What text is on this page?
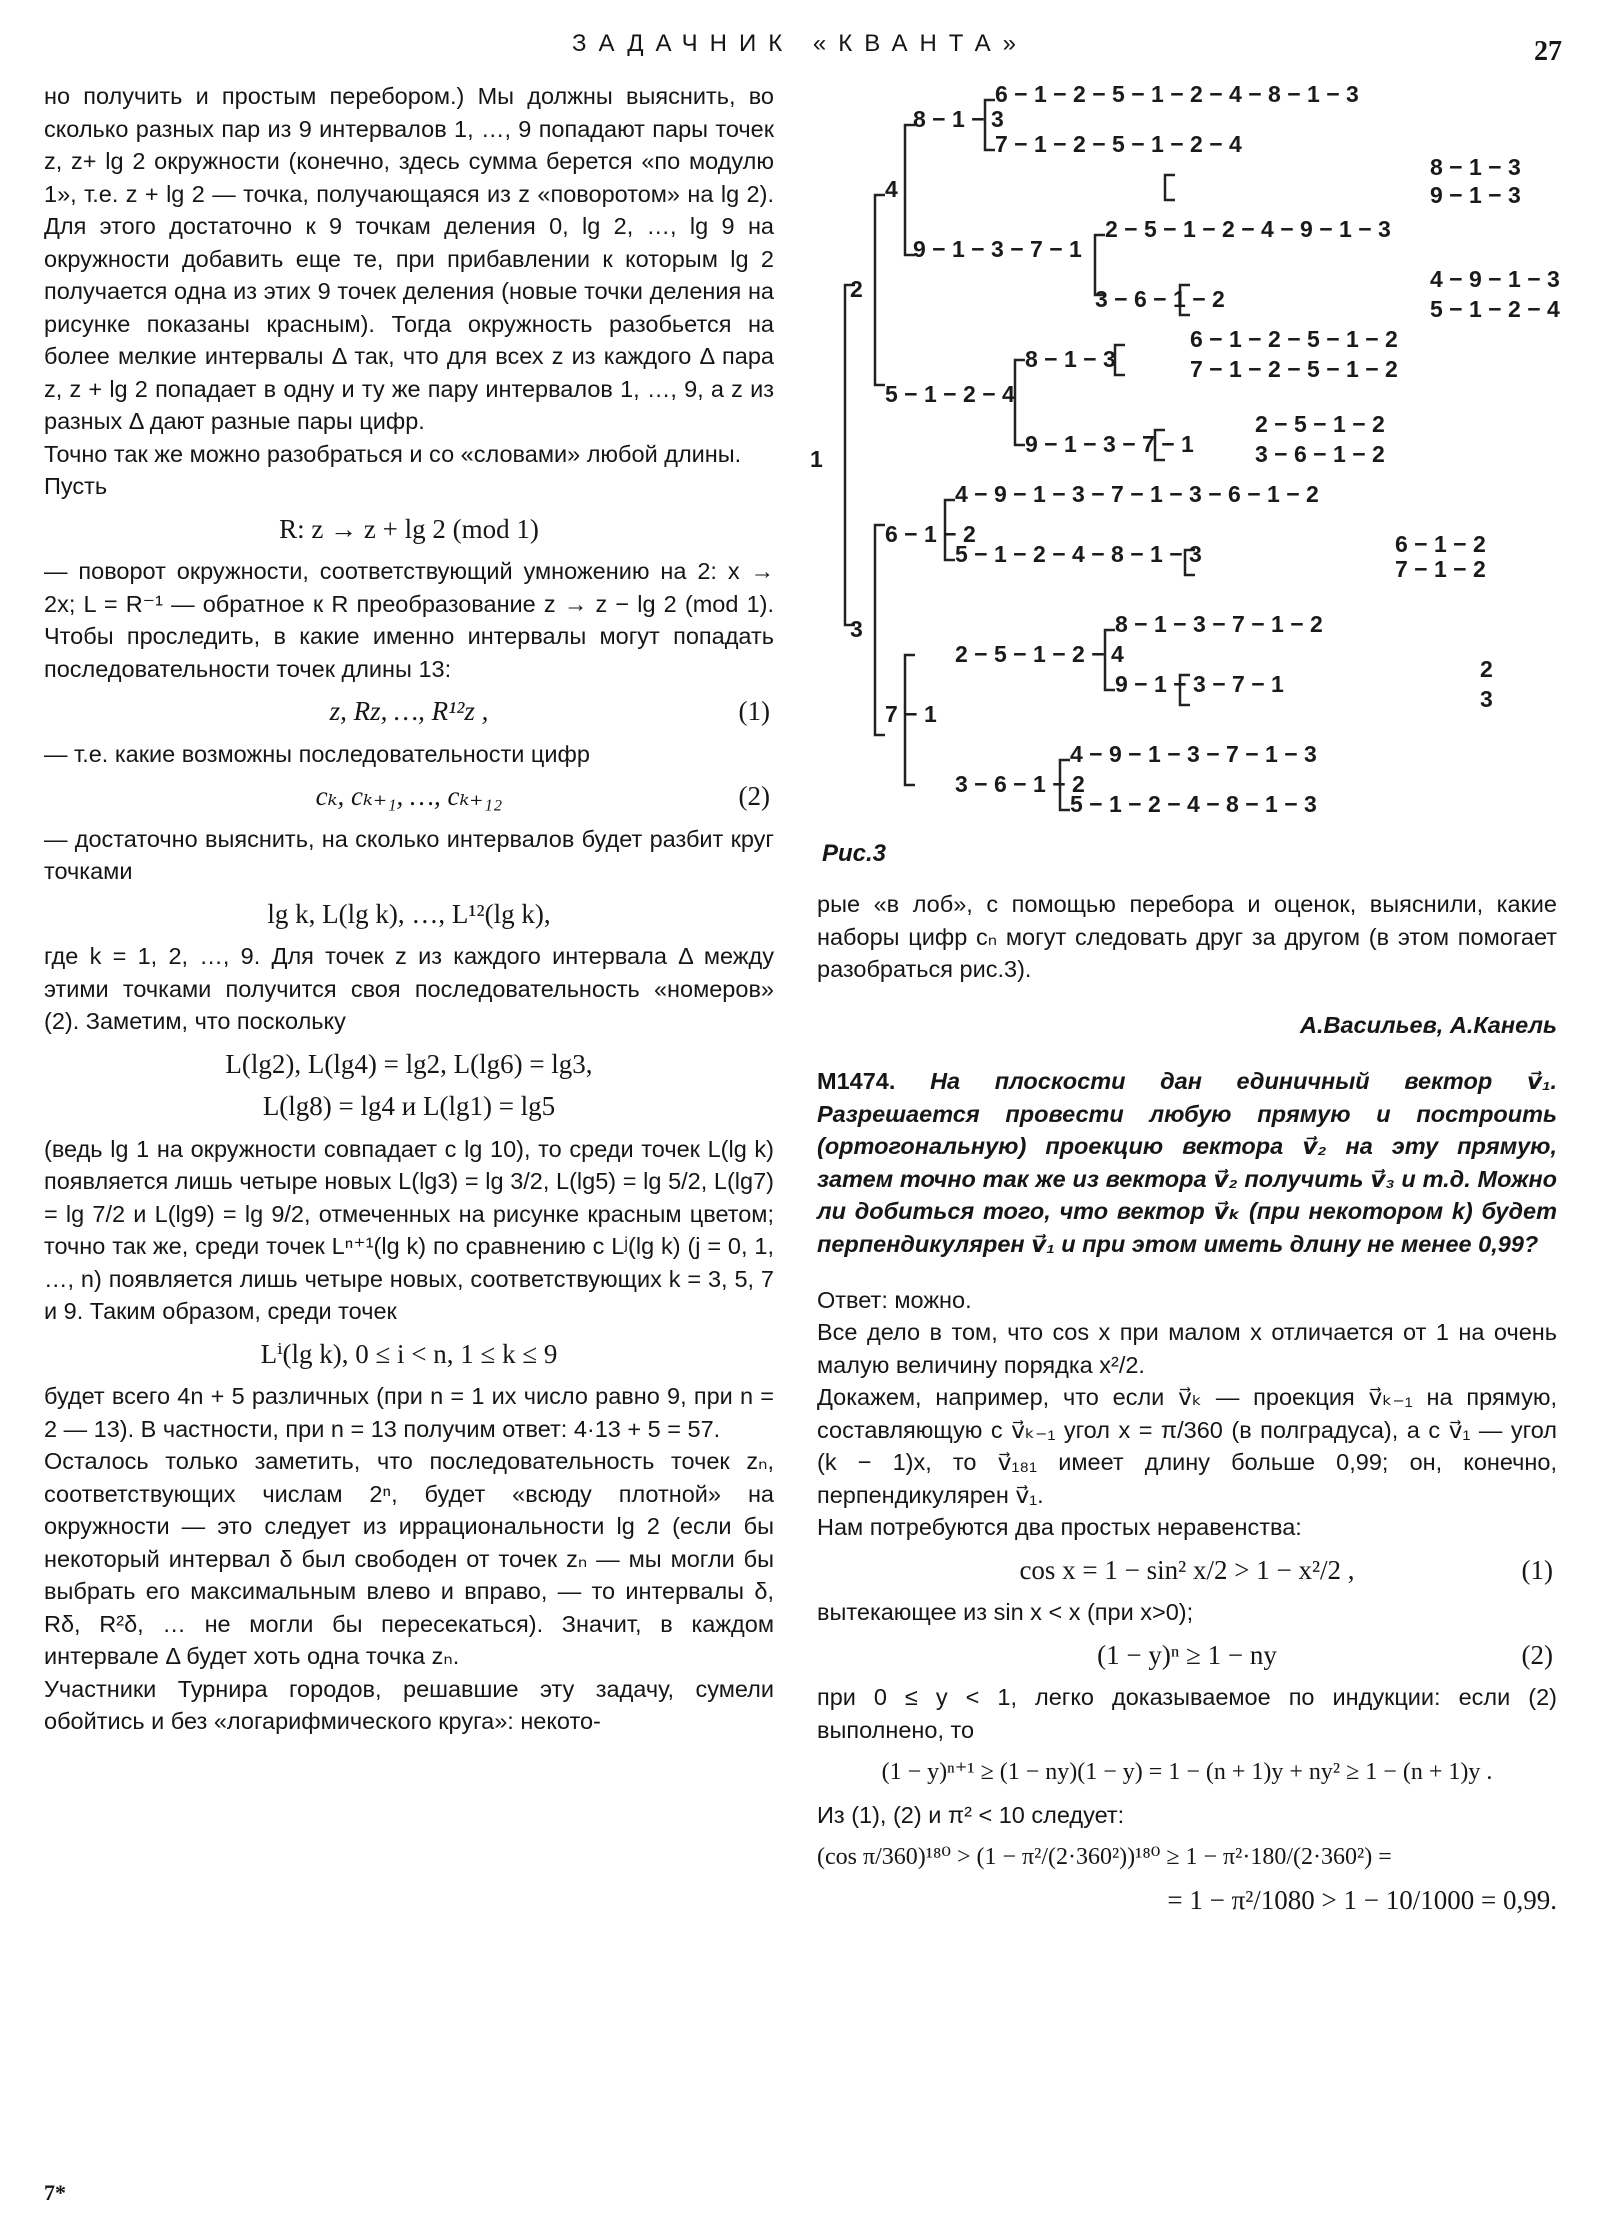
ЗАДАЧНИК «КВАНТА»	27

но получить и простым перебором.) Мы должны выяснить, во сколько разных пар из 9 интервалов 1, …, 9 попадают пары точек z, z+ lg 2 окружности (конечно, здесь сумма берется «по модулю 1», т.е. z + lg 2 — точка, получающаяся из z «поворотом» на lg 2). Для этого достаточно к 9 точкам деления 0, lg 2, …, lg 9 на окружности добавить еще те, при прибавлении к которым lg 2 получается одна из этих 9 точек деления (новые точки деления на рисунке показаны красным). Тогда окружность разобьется на более мелкие интервалы Δ так, что для всех z из каждого Δ пара z, z + lg 2 попадает в одну и ту же пару интервалов 1, …, 9, а z из разных Δ дают разные пары цифр.

Точно так же можно разобраться и со «словами» любой длины.

Пусть

R: z → z + lg 2 (mod 1)

— поворот окружности, соответствующий умножению на 2: x → 2x; L = R⁻¹ — обратное к R преобразование z → z − lg 2 (mod 1). Чтобы проследить, в какие именно интервалы могут попадать последовательности точек длины 13:

z, Rz, …, R¹²z ,	(1)

— т.е. какие возможны последовательности цифр

cₖ, cₖ₊₁, …, cₖ₊₁₂	(2)

— достаточно выяснить, на сколько интервалов будет разбит круг точками

lg k, L(lg k), …, L¹²(lg k),

где k = 1, 2, …, 9. Для точек z из каждого интервала Δ между этими точками получится своя последовательность «номеров» (2). Заметим, что поскольку

L(lg2), L(lg4) = lg2, L(lg6) = lg3,
L(lg8) = lg4 и L(lg1) = lg5

(ведь lg 1 на окружности совпадает с lg 10), то среди точек L(lg k) появляется лишь четыре новых L(lg3) = lg 3/2, L(lg5) = lg 5/2, L(lg7) = lg 7/2 и L(lg9) = lg 9/2, отмеченных на рисунке красным цветом; точно так же, среди точек Lⁿ⁺¹(lg k) по сравнению с Lʲ(lg k) (j = 0, 1, …, n) появляется лишь четыре новых, соответствующих k = 3, 5, 7 и 9. Таким образом, среди точек

Lⁱ(lg k), 0 ≤ i < n, 1 ≤ k ≤ 9

будет всего 4n + 5 различных (при n = 1 их число равно 9, при n = 2 — 13). В частности, при n = 13 получим ответ: 4·13 + 5 = 57.

Осталось только заметить, что последовательность точек zₙ, соответствующих числам 2ⁿ, будет «всюду плотной» на окружности — это следует из иррациональности lg 2 (если бы некоторый интервал δ был свободен от точек zₙ — мы могли бы выбрать его максимальным влево и вправо, — то интервалы δ, Rδ, R²δ, … не могли бы пересекаться). Значит, в каждом интервале Δ будет хоть одна точка zₙ.

Участники Турнира городов, решавшие эту задачу, сумели обойтись и без «логарифмического круга»: некото-

1
2
3
4
8 − 1 − 3
9 − 1 − 3 − 7 − 1
5 − 1 − 2 − 4
8 − 1 − 3
9 − 1 − 3 − 7 − 1
6 − 1 − 2
7 − 1
2 − 5 − 1 − 2 − 4
3 − 6 − 1 − 2
3 − 6 − 1 − 2
7 − 1 − 2 − 5 − 1 − 2 − 4
6 − 1 − 2 − 5 − 1 − 2 − 4 − 8 − 1 − 3
8 − 1 − 3
9 − 1 − 3
2 − 5 − 1 − 2 − 4 − 9 − 1 − 3
4 − 9 − 1 − 3
5 − 1 − 2 − 4
6 − 1 − 2 − 5 − 1 − 2
7 − 1 − 2 − 5 − 1 − 2
2 − 5 − 1 − 2
3 − 6 − 1 − 2
4 − 9 − 1 − 3 − 7 − 1 − 3 − 6 − 1 − 2
5 − 1 − 2 − 4 − 8 − 1 − 3	6 − 1 − 2
7 − 1 − 2
8 − 1 − 3 − 7 − 1 − 2
9 − 1 − 3 − 7 − 1
2
3
4 − 9 − 1 − 3 − 7 − 1 − 3
5 − 1 − 2 − 4 − 8 − 1 − 3
Рис.3

рые «в лоб», с помощью перебора и оценок, выяснили, какие наборы цифр cₙ могут следовать друг за другом (в этом помогает разобраться рис.3).

А.Васильев, А.Канель

М1474. На плоскости дан единичный вектор v⃗₁. Разрешается провести любую прямую и построить (ортогональную) проекцию вектора v⃗₂ на эту прямую, затем точно так же из вектора v⃗₂ получить v⃗₃ и т.д. Можно ли добиться того, что вектор v⃗ₖ (при некотором k) будет перпендикулярен v⃗₁ и при этом иметь длину не менее 0,99?

Ответ: можно.

Все дело в том, что cos x при малом x отличается от 1 на очень малую величину порядка x²/2.

Докажем, например, что если v⃗ₖ — проекция v⃗ₖ₋₁ на прямую, составляющую с v⃗ₖ₋₁ угол x = π/360 (в полградуса), а с v⃗₁ — угол (k − 1)x, то v⃗₁₈₁ имеет длину больше 0,99; он, конечно, перпендикулярен v⃗₁.

Нам потребуются два простых неравенства:

cos x = 1 − sin² x/2 > 1 − x²/2 ,	(1)

вытекающее из sin x < x (при x>0);

(1 − y)ⁿ ≥ 1 − ny	(2)

при 0 ≤ y < 1, легко доказываемое по индукции: если (2) выполнено, то

(1 − y)ⁿ⁺¹ ≥ (1 − ny)(1 − y) = 1 − (n + 1)y + ny² ≥ 1 − (n + 1)y .

Из (1), (2) и π² < 10 следует:

(cos π/360)¹⁸⁰ > (1 − π²/(2·360²))¹⁸⁰ ≥ 1 − π²·180/(2·360²) =
= 1 − π²/1080 > 1 − 10/1000 = 0,99.
7*
